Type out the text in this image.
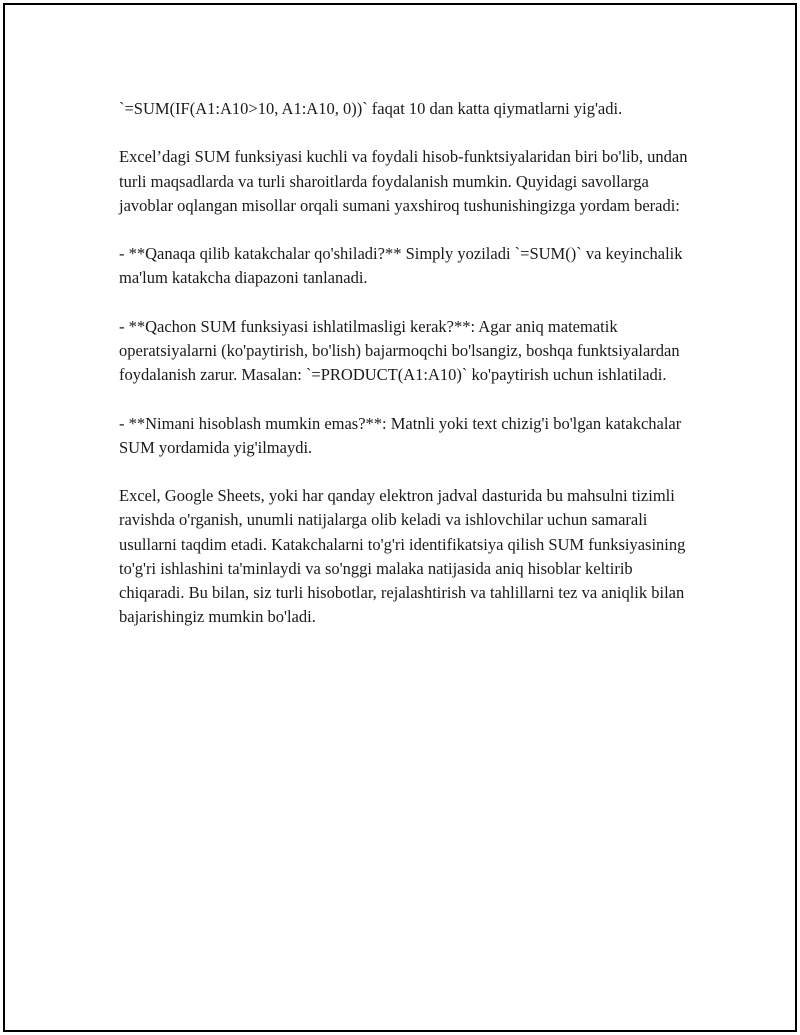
`=SUM(IF(A1:A10>10, A1:A10, 0))` faqat 10 dan katta qiymatlarni yig'adi.

Excel’dagi SUM funksiyasi kuchli va foydali hisob-funktsiyalaridan biri bo'lib, undan turli maqsadlarda va turli sharoitlarda foydalanish mumkin. Quyidagi savollarga javoblar oqlangan misollar orqali sumani yaxshiroq tushunishingizga yordam beradi:

- **Qanaqa qilib katakchalar qo'shiladi?** Simply yoziladi `=SUM()` va keyinchalik ma'lum katakcha diapazoni tanlanadi.

- **Qachon SUM funksiyasi ishlatilmasligi kerak?**: Agar aniq matematik operatsiyalarni (ko'paytirish, bo'lish) bajarmoqchi bo'lsangiz, boshqa funktsiyalardan foydalanish zarur. Masalan: `=PRODUCT(A1:A10)` ko'paytirish uchun ishlatiladi.

- **Nimani hisoblash mumkin emas?**: Matnli yoki text chizig'i bo'lgan katakchalar SUM yordamida yig'ilmaydi.

Excel, Google Sheets, yoki har qanday elektron jadval dasturida bu mahsulni tizimli ravishda o'rganish, unumli natijalarga olib keladi va ishlovchilar uchun samarali usullarni taqdim etadi. Katakchalarni to'g'ri identifikatsiya qilish SUM funksiyasining to'g'ri ishlashini ta'minlaydi va so'nggi malaka natijasida aniq hisoblar keltirib chiqaradi. Bu bilan, siz turli hisobotlar, rejalashtirish va tahlillarni tez va aniqlik bilan bajarishingiz mumkin bo'ladi.
